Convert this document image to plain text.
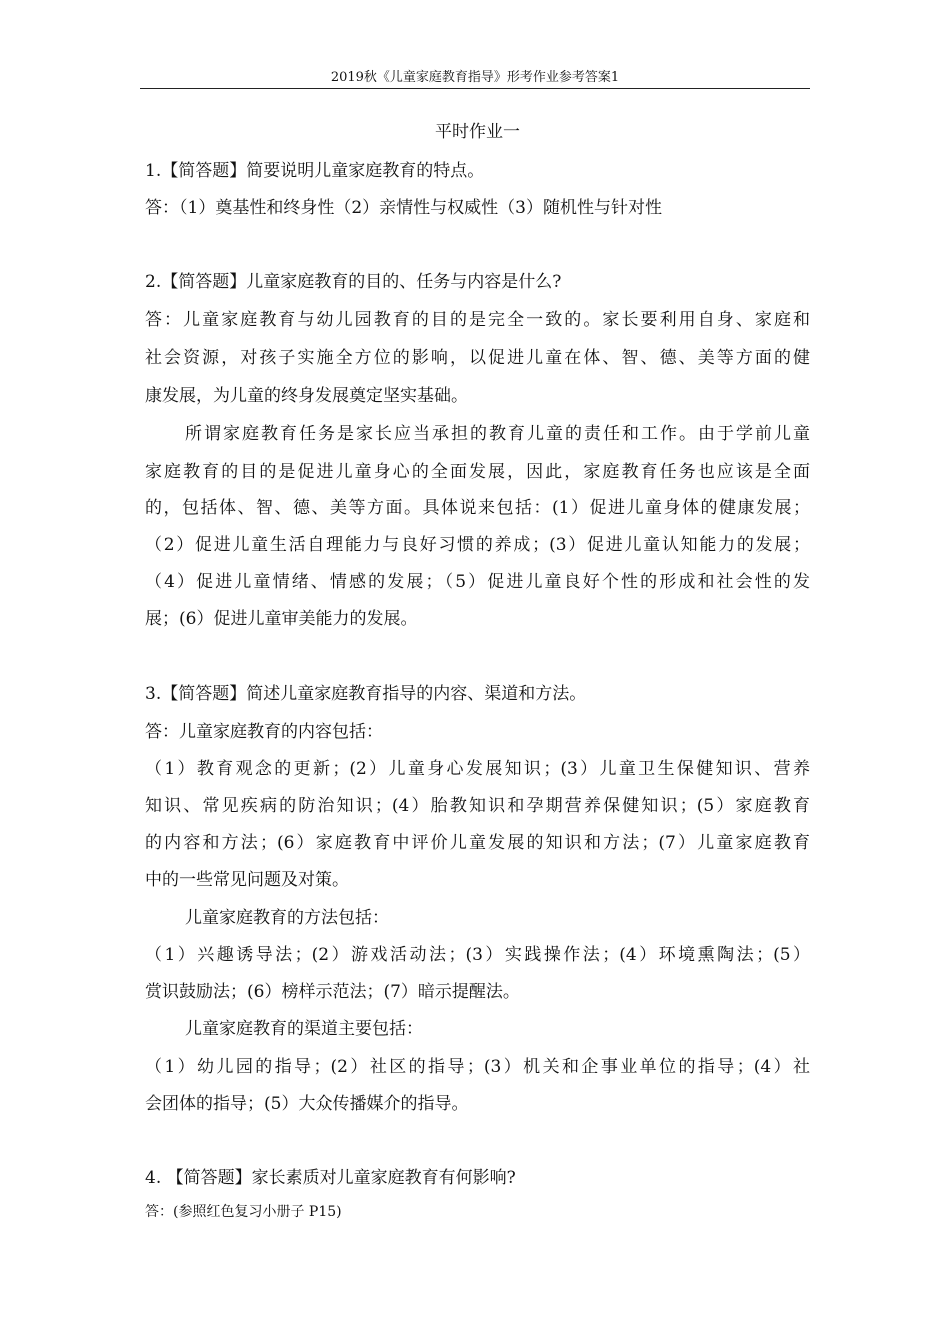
2019秋《儿童家庭教育指导》形考作业参考答案1
平时作业一
1.【简答题】简要说明儿童家庭教育的特点。
答：（1）奠基性和终身性（2）亲情性与权威性（3）随机性与针对性
2.【简答题】儿童家庭教育的目的、任务与内容是什么?
答：儿童家庭教育与幼儿园教育的目的是完全一致的。家长要利用自身、家庭和
社会资源，对孩子实施全方位的影响，以促进儿童在体、智、德、美等方面的健
康发展，为儿童的终身发展奠定坚实基础。
所谓家庭教育任务是家长应当承担的教育儿童的责任和工作。由于学前儿童
家庭教育的目的是促进儿童身心的全面发展，因此，家庭教育任务也应该是全面
的，包括体、智、德、美等方面。具体说来包括：(1）促进儿童身体的健康发展；
（2）促进儿童生活自理能力与良好习惯的养成；(3）促进儿童认知能力的发展；
（4）促进儿童情绪、情感的发展；（5）促进儿童良好个性的形成和社会性的发
展；(6）促进儿童审美能力的发展。
3.【简答题】简述儿童家庭教育指导的内容、渠道和方法。
答：儿童家庭教育的内容包括：
（1）教育观念的更新；(2）儿童身心发展知识；(3）儿童卫生保健知识、营养
知识、常见疾病的防治知识；(4）胎教知识和孕期营养保健知识；(5）家庭教育
的内容和方法；(6）家庭教育中评价儿童发展的知识和方法；(7）儿童家庭教育
中的一些常见问题及对策。
儿童家庭教育的方法包括：
（1）兴趣诱导法；(2）游戏活动法；(3）实践操作法；(4）环境熏陶法；(5）
赏识鼓励法；(6）榜样示范法；(7）暗示提醒法。
儿童家庭教育的渠道主要包括：
（1）幼儿园的指导；(2）社区的指导；(3）机关和企事业单位的指导；(4）社
会团体的指导；(5）大众传播媒介的指导。
4. 【简答题】家长素质对儿童家庭教育有何影响?
答：(参照红色复习小册子 P15)
